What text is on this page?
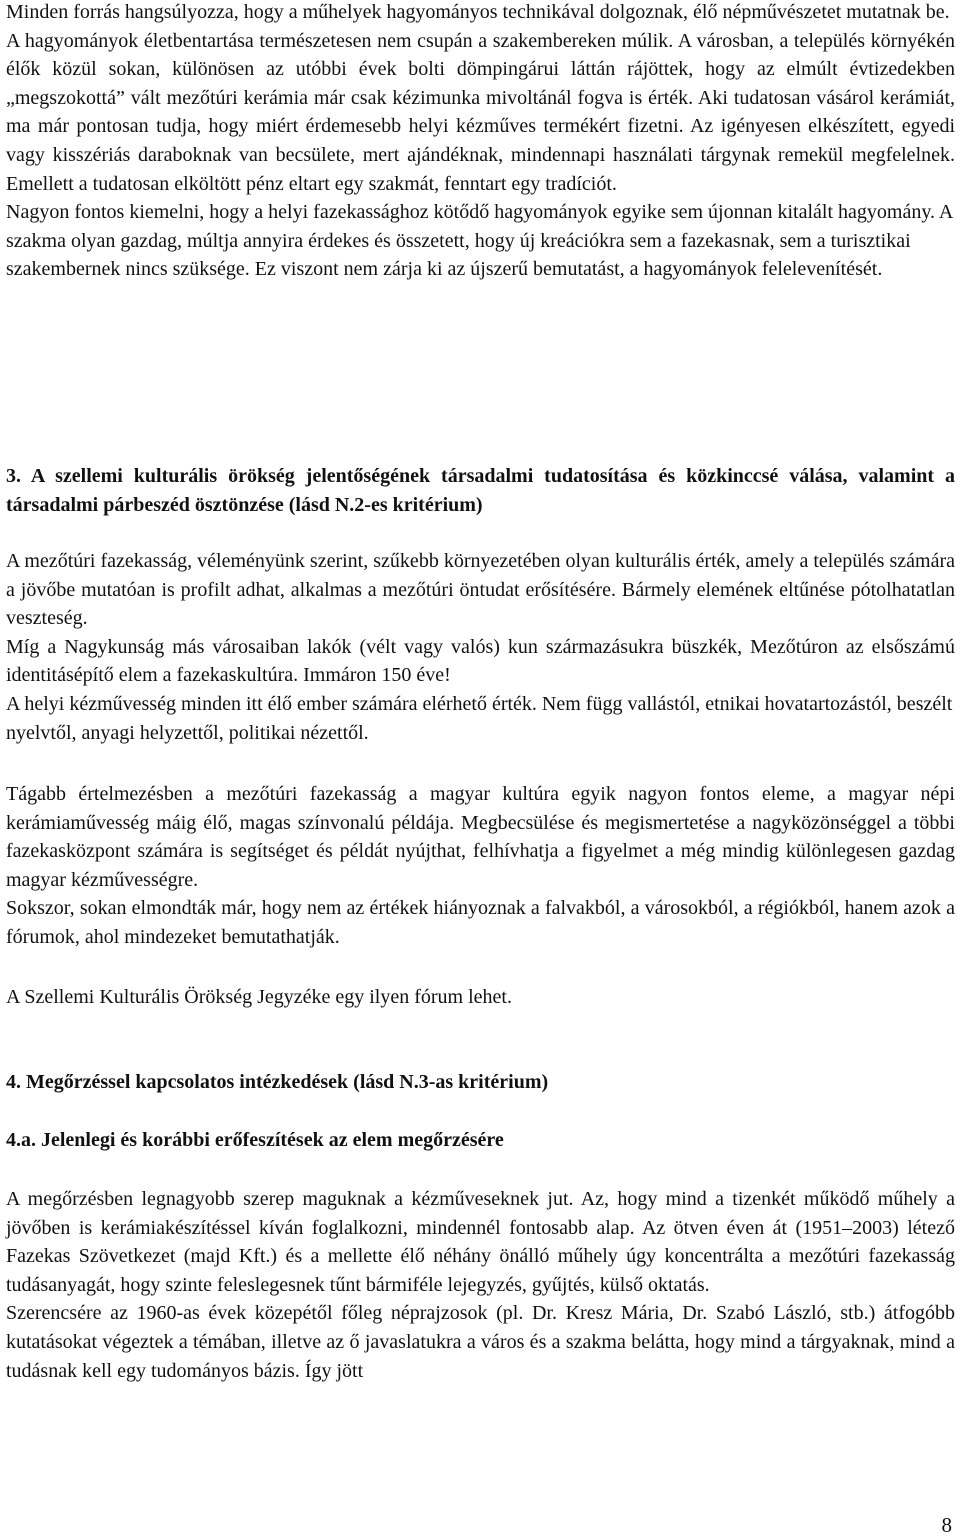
Minden forrás hangsúlyozza, hogy a műhelyek hagyományos technikával dolgoznak, élő népművészetet mutatnak be.

A hagyományok életbentartása természetesen nem csupán a szakembereken múlik. A városban, a település környékén élők közül sokan, különösen az utóbbi évek bolti dömpingárui láttán rájöttek, hogy az elmúlt évtizedekben „megszokottá” vált mezőtúri kerámia már csak kézimunka mivoltánál fogva is érték. Aki tudatosan vásárol kerámiát, ma már pontosan tudja, hogy miért érdemesebb helyi kézműves termékért fizetni. Az igényesen elkészített, egyedi vagy kisszériás daraboknak van becsülete, mert ajándéknak, mindennapi használati tárgynak remekül megfelelnek. Emellett a tudatosan elköltött pénz eltart egy szakmát, fenntart egy tradíciót.

Nagyon fontos kiemelni, hogy a helyi fazekassághoz kötődő hagyományok egyike sem újonnan kitalált hagyomány. A szakma olyan gazdag, múltja annyira érdekes és összetett, hogy új kreációkra sem a fazekasnak, sem a turisztikai szakembernek nincs szüksége. Ez viszont nem zárja ki az újszerű bemutatást, a hagyományok felelevenítését.

3. A szellemi kulturális örökség jelentőségének társadalmi tudatosítása és közkinccsé válása, valamint a társadalmi párbeszéd ösztönzése (lásd N.2-es kritérium)

A mezőtúri fazekasság, véleményünk szerint, szűkebb környezetében olyan kulturális érték, amely a település számára a jövőbe mutatóan is profilt adhat, alkalmas a mezőtúri öntudat erősítésére. Bármely elemének eltűnése pótolhatatlan veszteség.

Míg a Nagykunság más városaiban lakók (vélt vagy valós) kun származásukra büszkék, Mezőtúron az elsőszámú identitásépítő elem a fazekaskultúra. Immáron 150 éve!

A helyi kézművesség minden itt élő ember számára elérhető érték. Nem függ vallástól, etnikai hovatartozástól, beszélt nyelvtől, anyagi helyzettől, politikai nézettől.

Tágabb értelmezésben a mezőtúri fazekasság a magyar kultúra egyik nagyon fontos eleme, a magyar népi kerámiaművesség máig élő, magas színvonalú példája. Megbecsülése és megismertetése a nagyközönséggel a többi fazekasközpont számára is segítséget és példát nyújthat, felhívhatja a figyelmet a még mindig különlegesen gazdag magyar kézművességre.

Sokszor, sokan elmondták már, hogy nem az értékek hiányoznak a falvakból, a városokból, a régiókból, hanem azok a fórumok, ahol mindezeket bemutathatják.

A Szellemi Kulturális Örökség Jegyzéke egy ilyen fórum lehet.

4. Megőrzéssel kapcsolatos intézkedések (lásd N.3-as kritérium)
4.a. Jelenlegi és korábbi erőfeszítések az elem megőrzésére

A megőrzésben legnagyobb szerep maguknak a kézműveseknek jut. Az, hogy mind a tizenkét működő műhely a jövőben is kerámiakészítéssel kíván foglalkozni, mindennél fontosabb alap. Az ötven éven át (1951–2003) létező Fazekas Szövetkezet (majd Kft.) és a mellette élő néhány önálló műhely úgy koncentrálta a mezőtúri fazekasság tudásanyagát, hogy szinte feleslegesnek tűnt bármiféle lejegyzés, gyűjtés, külső oktatás.

Szerencsére az 1960-as évek közepétől főleg néprajzosok (pl. Dr. Kresz Mária, Dr. Szabó László, stb.) átfogóbb kutatásokat végeztek a témában, illetve az ő javaslatukra a város és a szakma belátta, hogy mind a tárgyaknak, mind a tudásnak kell egy tudományos bázis. Így jött

8
